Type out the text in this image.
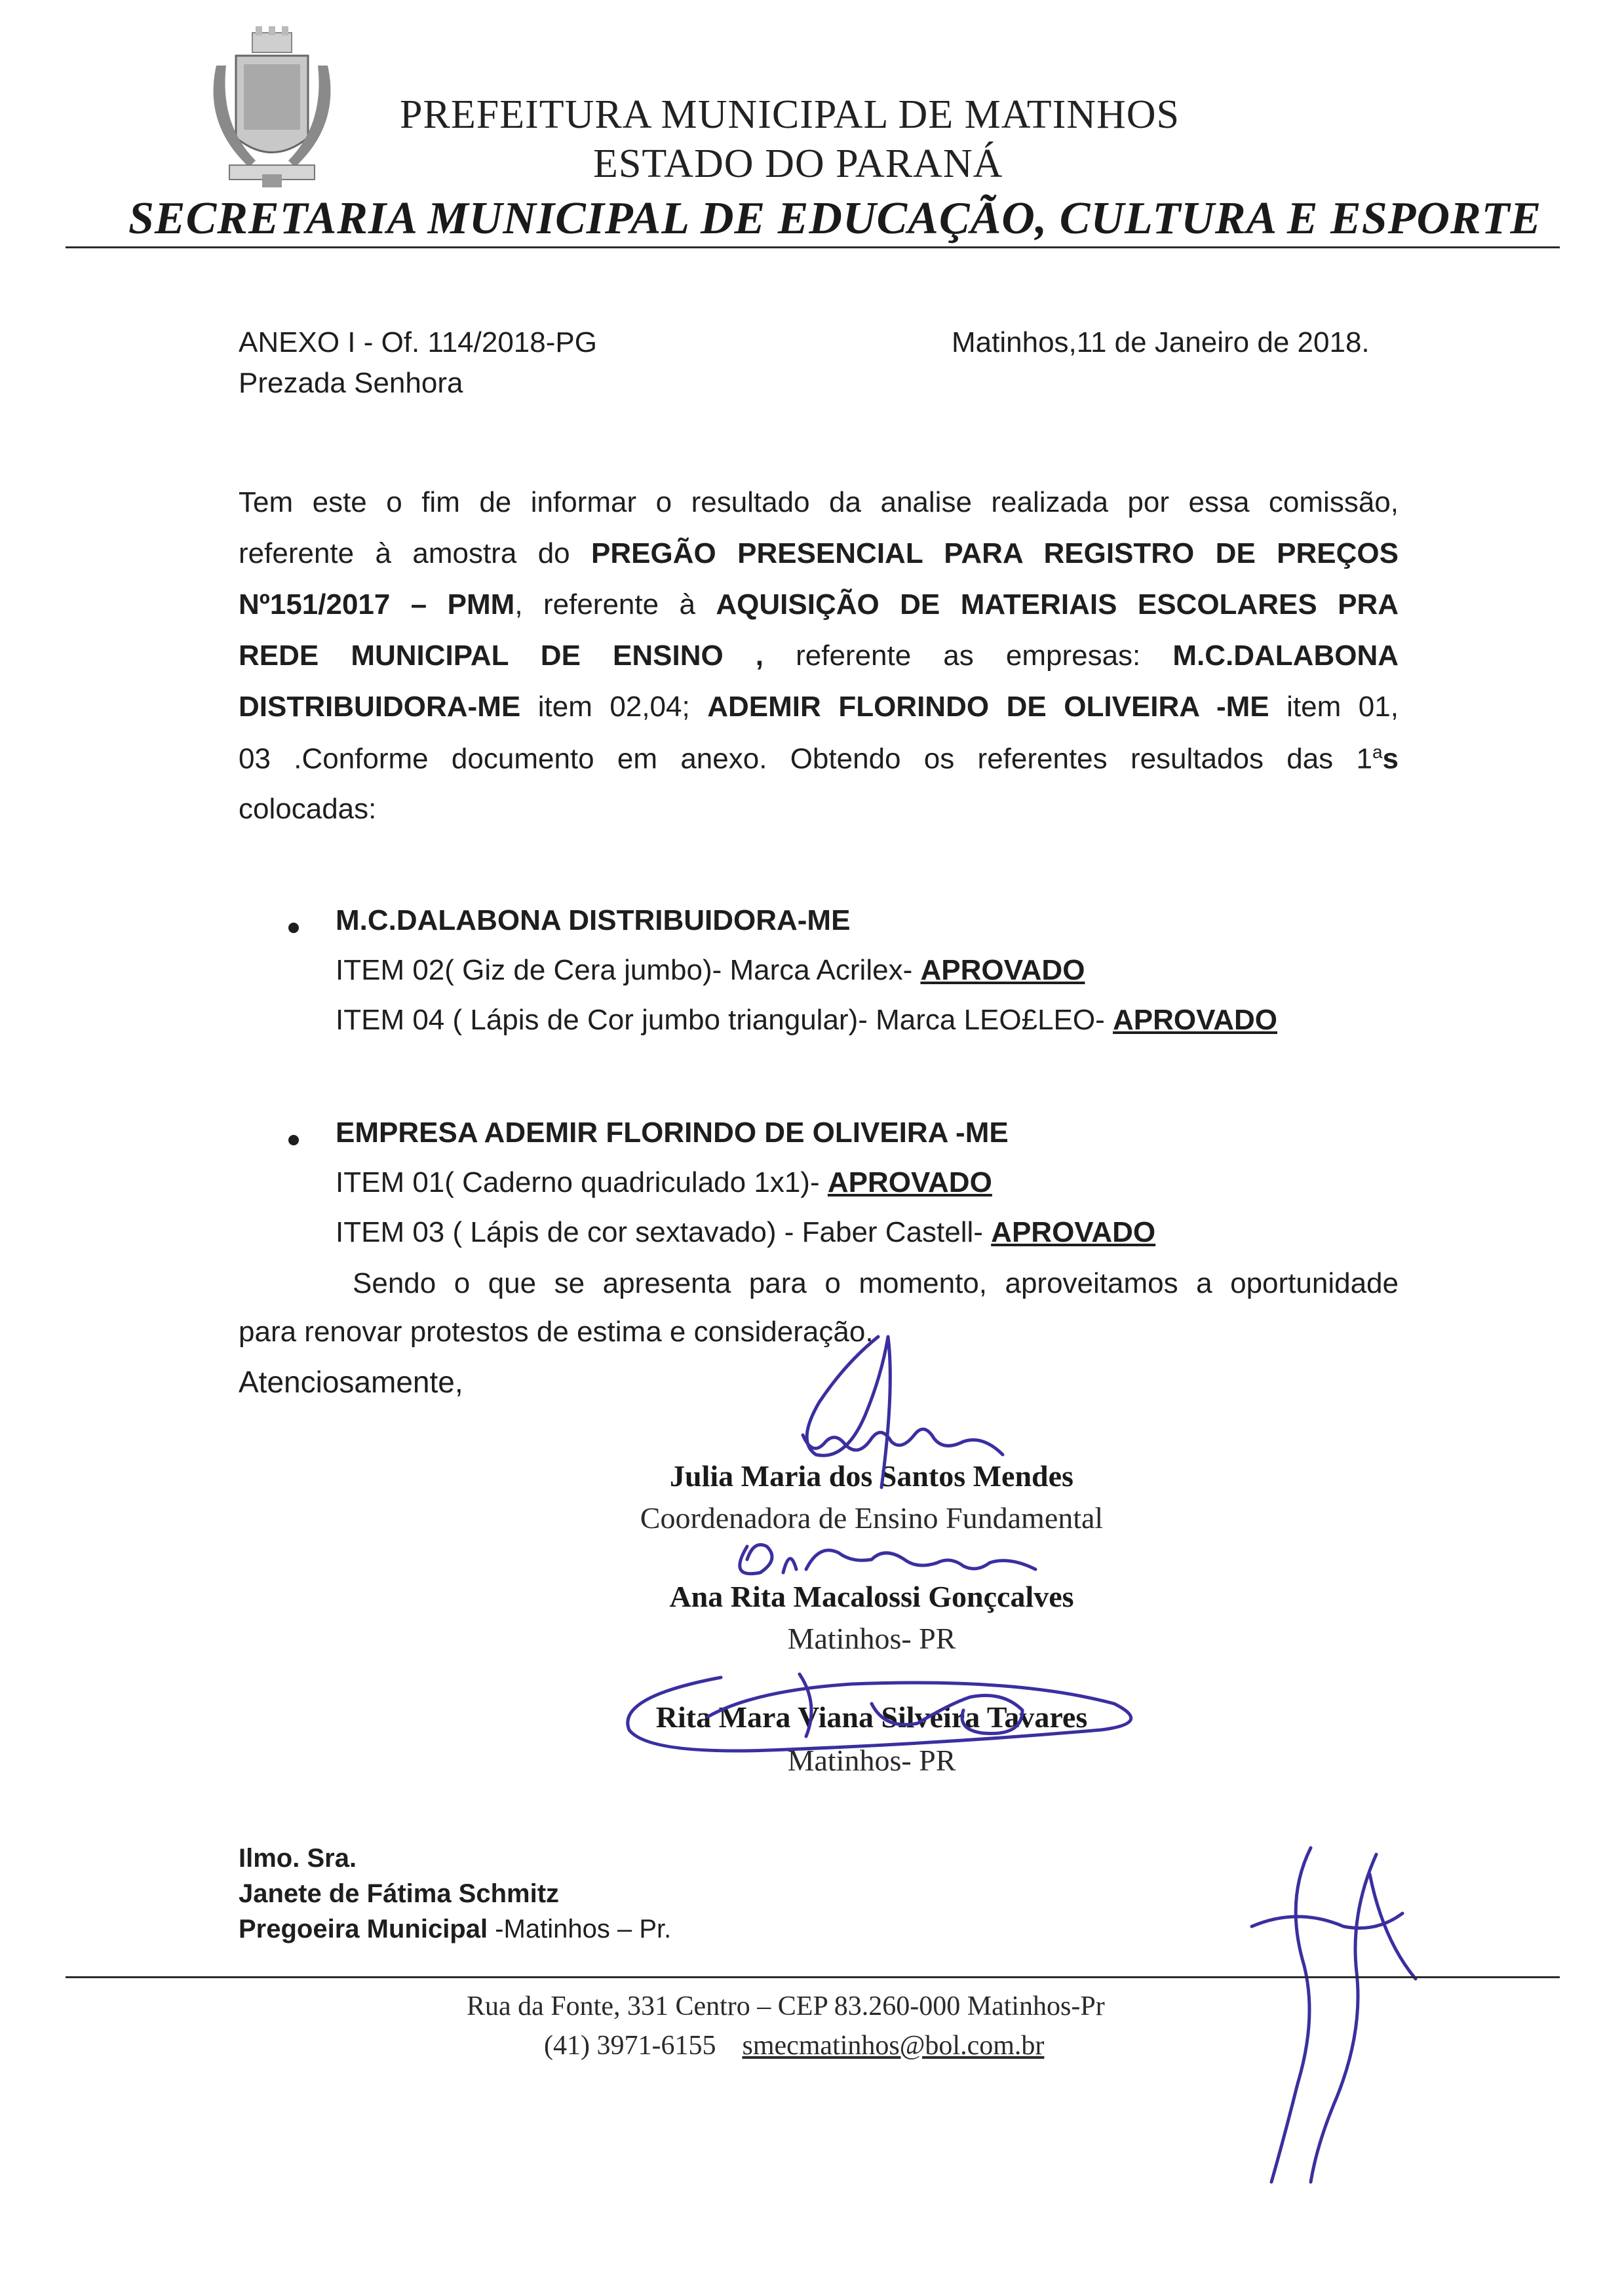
PREFEITURA MUNICIPAL DE MATINHOS
ESTADO DO PARANÁ
SECRETARIA MUNICIPAL DE EDUCAÇÃO, CULTURA E ESPORTE
ANEXO I - Of. 114/2018-PG	Matinhos,11 de Janeiro de 2018.
Prezada Senhora
Tem este o fim de informar o resultado da analise realizada por essa comissão,
referente à amostra do PREGÃO PRESENCIAL PARA REGISTRO DE PREÇOS
Nº151/2017 – PMM, referente à AQUISIÇÃO DE MATERIAIS ESCOLARES PRA
REDE MUNICIPAL DE ENSINO , referente as empresas: M.C.DALABONA
DISTRIBUIDORA-ME item 02,04; ADEMIR FLORINDO DE OLIVEIRA -ME item 01,
03 .Conforme documento em anexo. Obtendo os referentes resultados das 1$^a$s
colocadas:
M.C.DALABONA DISTRIBUIDORA-ME
ITEM 02( Giz de Cera jumbo)- Marca Acrilex- APROVADO
ITEM 04 ( Lápis de Cor jumbo triangular)- Marca LEO£LEO- APROVADO
EMPRESA ADEMIR FLORINDO DE OLIVEIRA -ME
ITEM 01( Caderno quadriculado 1x1)- APROVADO
ITEM 03 ( Lápis de cor sextavado) - Faber Castell- APROVADO
Sendo o que se apresenta para o momento, aproveitamos a oportunidade
para renovar protestos de estima e consideração.
Atenciosamente,
Julia Maria dos Santos Mendes
Coordenadora de Ensino Fundamental
Ana Rita Macalossi Gonçcalves
Matinhos- PR
Rita Mara Viana Silveira Tavares
Matinhos- PR
Ilmo. Sra.
Janete de Fátima Schmitz
Pregoeira Municipal -Matinhos – Pr.
Rua da Fonte, 331 Centro – CEP 83.260-000 Matinhos-Pr
(41) 3971-6155 smecmatinhos@bol.com.br
